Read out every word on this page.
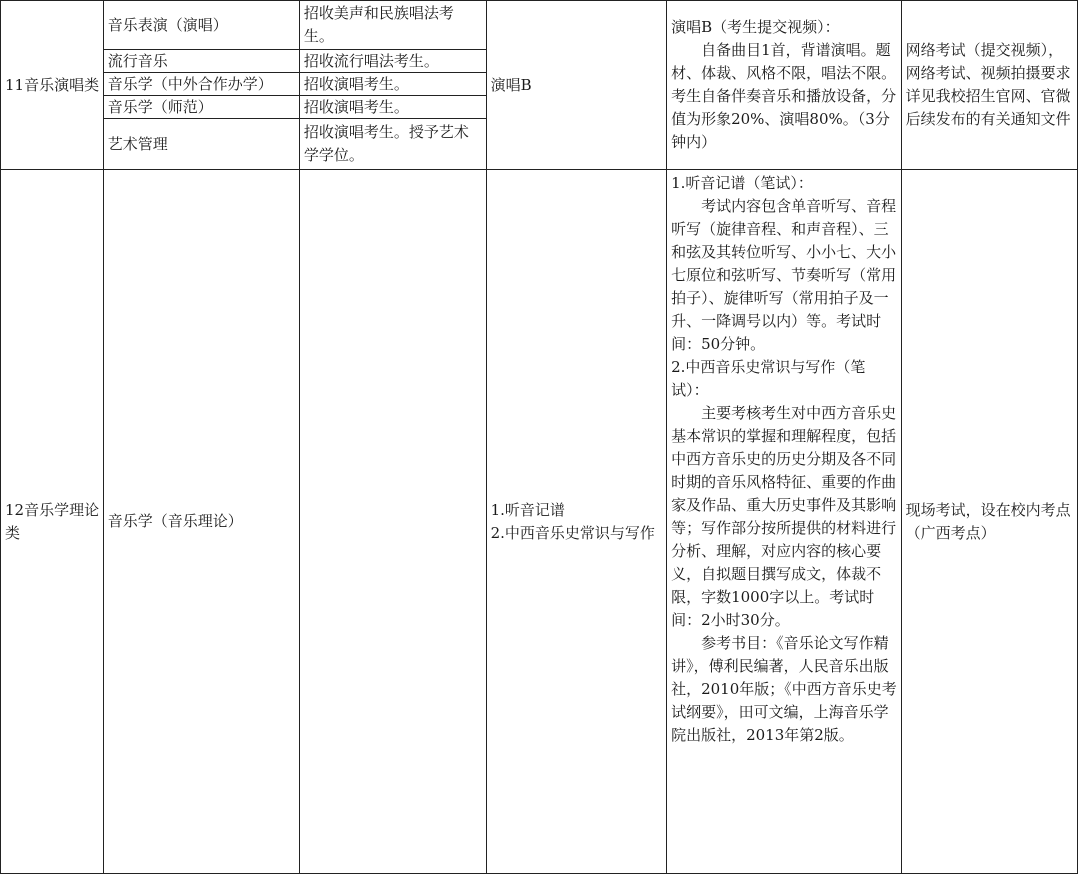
11音乐演唱类	音乐表演（演唱）	招收美声和民族唱法考生。	演唱B	演唱B（考生提交视频）：
自备曲目1首，背谱演唱。题材、体裁、风格不限，唱法不限。考生自备伴奏音乐和播放设备，分值为形象20%、演唱80%。（3分钟内）	网络考试（提交视频），网络考试、视频拍摄要求详见我校招生官网、官微后续发布的有关通知文件
	流行音乐	招收流行唱法考生。			
	音乐学（中外合作办学）	招收演唱考生。			
	音乐学（师范）	招收演唱考生。			
	艺术管理	招收演唱考生。授予艺术学学位。			
12音乐学理论类	音乐学（音乐理论）		1.听音记谱
2.中西音乐史常识与写作	1.听音记谱（笔试）：
考试内容包含单音听写、音程听写（旋律音程、和声音程）、三和弦及其转位听写、小小七、大小七原位和弦听写、节奏听写（常用拍子）、旋律听写（常用拍子及一升、一降调号以内）等。考试时间：50分钟。
2.中西音乐史常识与写作（笔试）：
主要考核考生对中西方音乐史基本常识的掌握和理解程度，包括中西方音乐史的历史分期及各不同时期的音乐风格特征、重要的作曲家及作品、重大历史事件及其影响等；写作部分按所提供的材料进行分析、理解，对应内容的核心要义，自拟题目撰写成文，体裁不限，字数1000字以上。考试时间：2小时30分。
参考书目：《音乐论文写作精讲》，傅利民编著，人民音乐出版社，2010年版；《中西方音乐史考试纲要》，田可文编，上海音乐学院出版社，2013年第2版。	现场考试，设在校内考点（广西考点）
